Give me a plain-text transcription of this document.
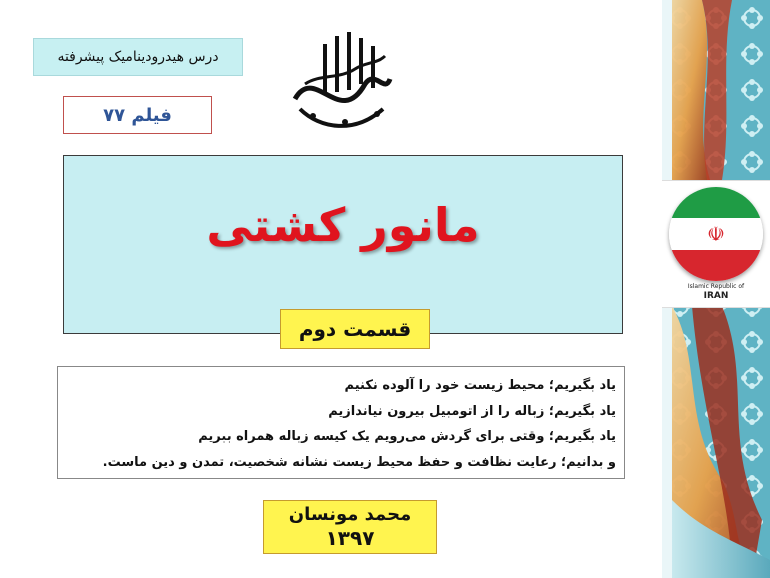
درس هیدرودینامیک پیشرفته
فیلم ۷۷
مانور کشتی
قسمت دوم
یاد بگیریم؛ محیط زیست خود را آلوده نکنیم
یاد بگیریم؛ زباله را از اتومبیل بیرون نیاندازیم
یاد بگیریم؛ وقتی برای گردش می‌رویم یک کیسه زباله همراه ببریم
و بدانیم؛ رعایت نظافت و حفظ محیط زیست نشانه شخصیت، تمدن و دین ماست.
محمد مونسان
۱۳۹۷
☫
Islamic Republic of
IRAN
